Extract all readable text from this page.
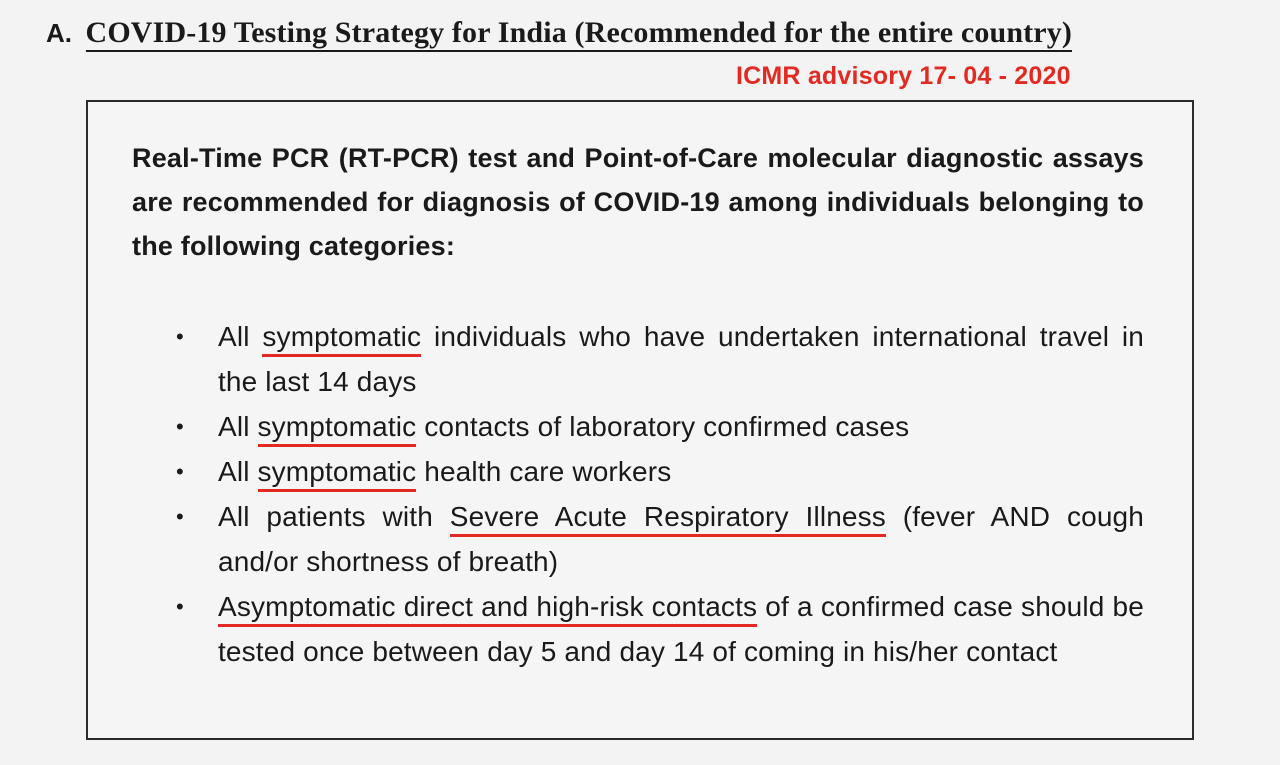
A. COVID-19 Testing Strategy for India (Recommended for the entire country)
ICMR advisory 17- 04 - 2020

Real-Time PCR (RT-PCR) test and Point-of-Care molecular diagnostic assays are recommended for diagnosis of COVID-19 among individuals belonging to the following categories:

• All symptomatic individuals who have undertaken international travel in the last 14 days
• All symptomatic contacts of laboratory confirmed cases
• All symptomatic health care workers
• All patients with Severe Acute Respiratory Illness (fever AND cough and/or shortness of breath)
• Asymptomatic direct and high-risk contacts of a confirmed case should be tested once between day 5 and day 14 of coming in his/her contact
